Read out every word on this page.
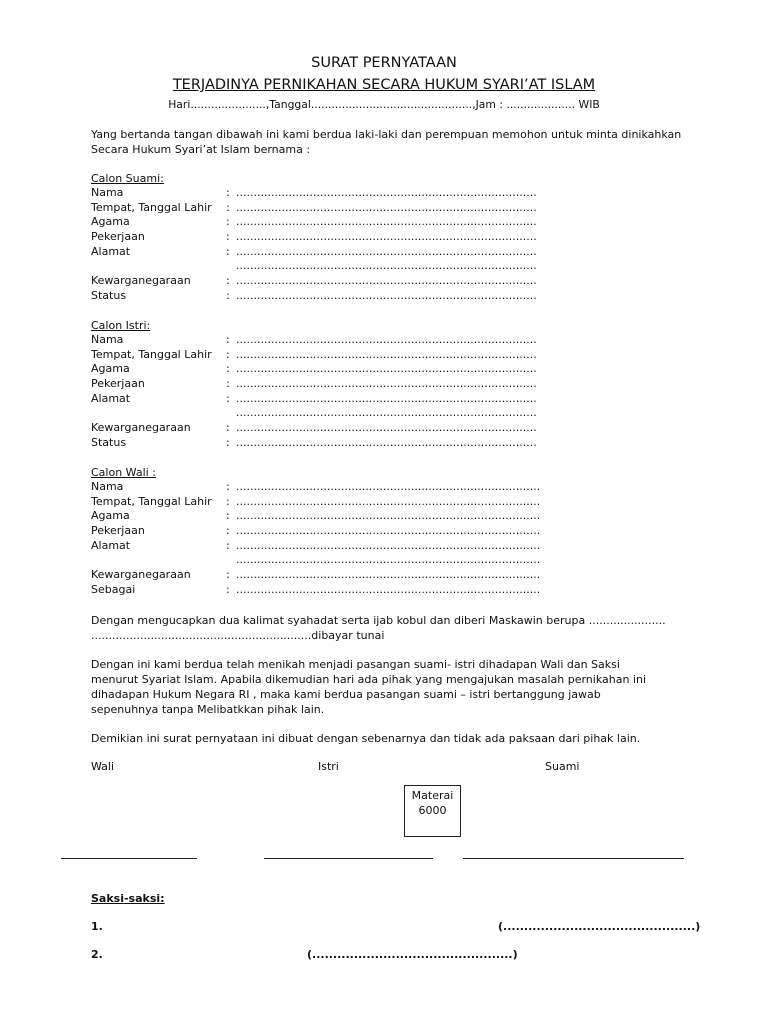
SURAT PERNYATAAN
TERJADINYA PERNIKAHAN SECARA HUKUM SYARI’AT ISLAM
Hari......................,Tanggal...............................................,Jam : .................... WIB
Yang bertanda tangan dibawah ini kami berdua laki-laki dan perempuan memohon untuk minta dinikahkan Secara Hukum Syari’at Islam bernama :
Calon Suami:
Nama	: ......................................................................................
Tempat, Tanggal Lahir	: ......................................................................................
Agama	: ......................................................................................
Pekerjaan	: ......................................................................................
Alamat	: ......................................................................................
......................................................................................
Kewarganegaraan	: ......................................................................................
Status	: ......................................................................................
Calon Istri:
Nama	: ......................................................................................
Tempat, Tanggal Lahir	: ......................................................................................
Agama	: ......................................................................................
Pekerjaan	: ......................................................................................
Alamat	: ......................................................................................
......................................................................................
Kewarganegaraan	: ......................................................................................
Status	: ......................................................................................
Calon Wali :
Nama	: .......................................................................................
Tempat, Tanggal Lahir	: .......................................................................................
Agama	: .......................................................................................
Pekerjaan	: .......................................................................................
Alamat	: .......................................................................................
.......................................................................................
Kewarganegaraan	: .......................................................................................
Sebagai	: .......................................................................................
Dengan mengucapkan dua kalimat syahadat serta ijab kobul dan diberi Maskawin berupa ...................... ...............................................................dibayar tunai
Dengan ini kami berdua telah menikah menjadi pasangan suami- istri dihadapan Wali dan Saksi menurut Syariat Islam. Apabila dikemudian hari ada pihak yang mengajukan masalah pernikahan ini dihadapan Hukum Negara RI , maka kami berdua pasangan suami – istri bertanggung jawab sepenuhnya tanpa Melibatkkan pihak lain.
Demikian ini surat pernyataan ini dibuat dengan sebenarnya dan tidak ada paksaan dari pihak lain.
Wali	Istri	Suami
Materai
6000
Saksi-saksi:
1.	(..............................................)
2.	(................................................)
